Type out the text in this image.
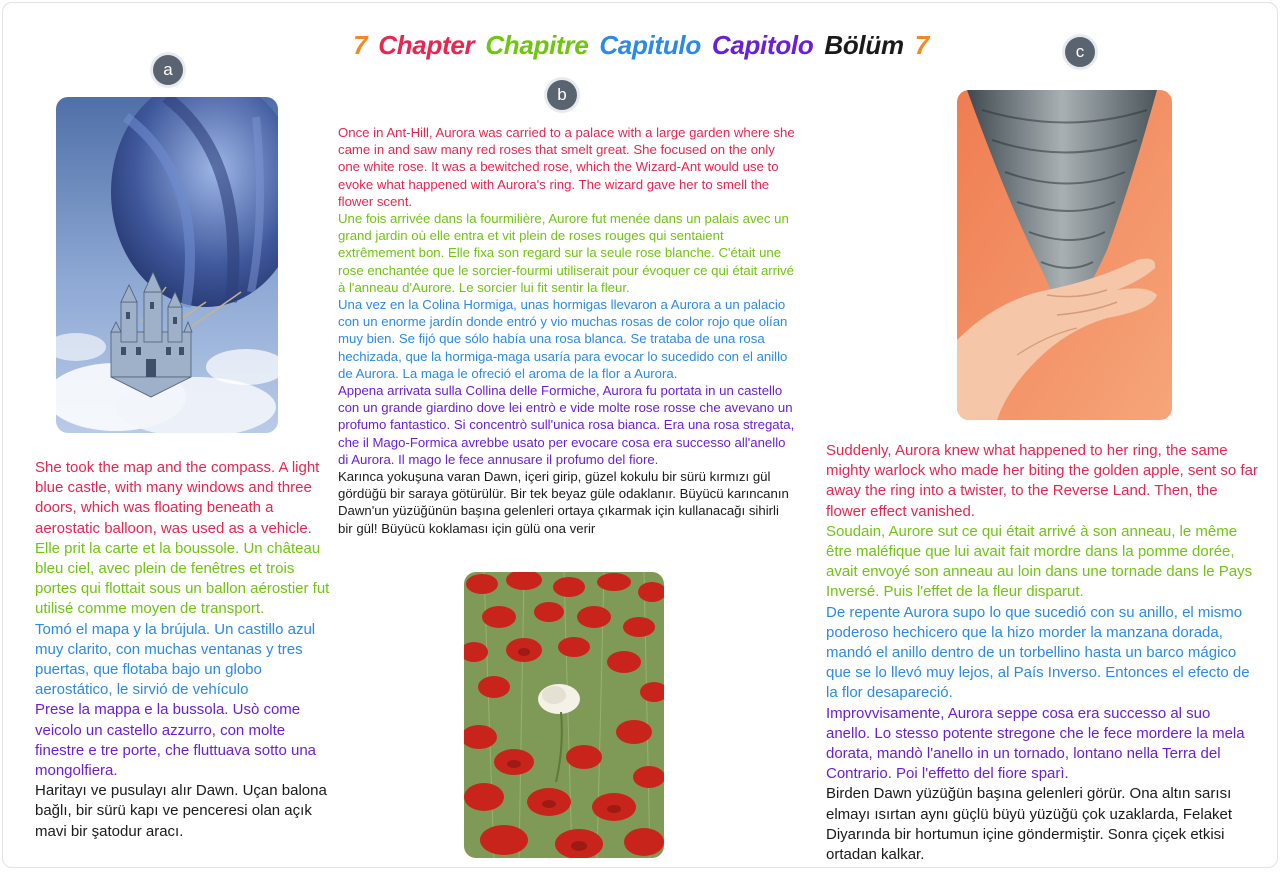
7 Chapter Chapitre Capitulo Capitolo Bölüm 7
a
b
c

She took the map and the compass. A light blue castle, with many windows and three doors, which was floating beneath a aerostatic balloon, was used as a vehicle.

Elle prit la carte et la boussole. Un château bleu ciel, avec plein de fenêtres et trois portes qui flottait sous un ballon aérostier fut utilisé comme moyen de transport.

Tomó el mapa y la brújula. Un castillo azul muy clarito, con muchas ventanas y tres puertas, que flotaba bajo un globo aerostático, le sirvió de vehículo

Prese la mappa e la bussola. Usò come veicolo un castello azzurro, con molte finestre e tre porte, che fluttuava sotto una mongolfiera.

Haritayı ve pusulayı alır Dawn. Uçan balona bağlı, bir sürü kapı ve penceresi olan açık mavi bir şatodur aracı.

Once in Ant-Hill, Aurora was carried to a palace with a large garden where she came in and saw many red roses that smelt great. She focused on the only one white rose. It was a bewitched rose, which the Wizard-Ant would use to evoke what happened with Aurora's ring. The wizard gave her to smell the flower scent.

Une fois arrivée dans la fourmilière, Aurore fut menée dans un palais avec un grand jardin où elle entra et vit plein de roses rouges qui sentaient extrêmement bon. Elle fixa son regard sur la seule rose blanche. C'était une rose enchantée que le sorcier-fourmi utiliserait pour évoquer ce qui était arrivé à l'anneau d'Aurore. Le sorcier lui fit sentir la fleur.

Una vez en la Colina Hormiga, unas hormigas llevaron a Aurora a un palacio con un enorme jardín donde entró y vio muchas rosas de color rojo que olían muy bien. Se fijó que sólo había una rosa blanca. Se trataba de una rosa hechizada, que la hormiga-maga usaría para evocar lo sucedido con el anillo de Aurora. La maga le ofreció el aroma de la flor a Aurora.

Appena arrivata sulla Collina delle Formiche, Aurora fu portata in un castello con un grande giardino dove lei entrò e vide molte rose rosse che avevano un profumo fantastico. Si concentrò sull'unica rosa bianca. Era una rosa stregata, che il Mago-Formica avrebbe usato per evocare cosa era successo all'anello di Aurora. Il mago le fece annusare il profumo del fiore.

Karınca yokuşuna varan Dawn, içeri girip, güzel kokulu bir sürü kırmızı gül gördüğü bir saraya götürülür. Bir tek beyaz güle odaklanır. Büyücü karıncanın Dawn'un yüzüğünün başına gelenleri ortaya çıkarmak için kullanacağı sihirli bir gül! Büyücü koklaması için gülü ona verir

Suddenly, Aurora knew what happened to her ring, the same mighty warlock who made her biting the golden apple, sent so far away the ring into a twister, to the Reverse Land. Then, the flower effect vanished.

Soudain, Aurore sut ce qui était arrivé à son anneau, le même être maléfique que lui avait fait mordre dans la pomme dorée, avait envoyé son anneau au loin dans une tornade dans le Pays Inversé. Puis l'effet de la fleur disparut.

De repente Aurora supo lo que sucedió con su anillo, el mismo poderoso hechicero que la hizo morder la manzana dorada, mandó el anillo dentro de un torbellino hasta un barco mágico que se lo llevó muy lejos, al País Inverso. Entonces el efecto de la flor desapareció.

Improvvisamente, Aurora seppe cosa era successo al suo anello. Lo stesso potente stregone che le fece mordere la mela dorata, mandò l'anello in un tornado, lontano nella Terra del Contrario. Poi l'effetto del fiore sparì.

Birden Dawn yüzüğün başına gelenleri görür. Ona altın sarısı elmayı ısırtan aynı güçlü büyü yüzüğü çok uzaklarda, Felaket Diyarında bir hortumun içine göndermiştir. Sonra çiçek etkisi ortadan kalkar.
